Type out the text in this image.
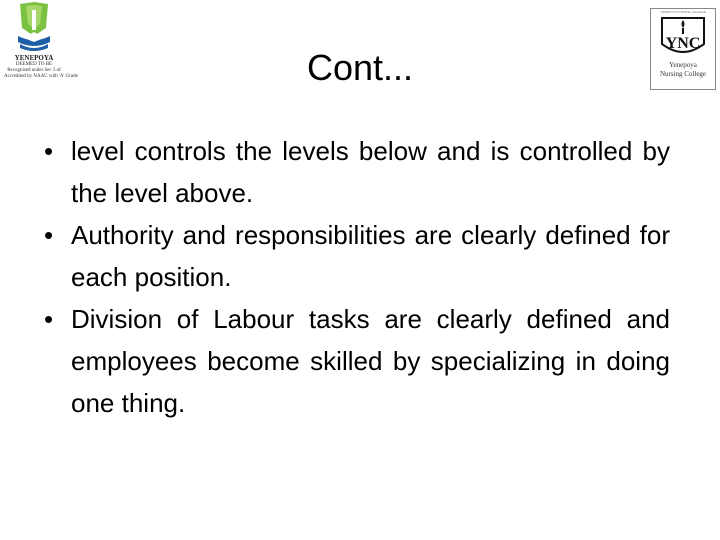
YENEPOYA
DEEMED TO BE
Recognised under Sec 3 of
Accredited by NAAC with 'A' Grade
YENEPOYA NURSING COLLEGE
YNC
Yenepoya
Nursing College
Cont...
• level controls the levels below and is controlled by the level above.
• Authority and responsibilities are clearly defined for each position.
• Division of Labour tasks are clearly defined and employees become skilled by specializing in doing one thing.
